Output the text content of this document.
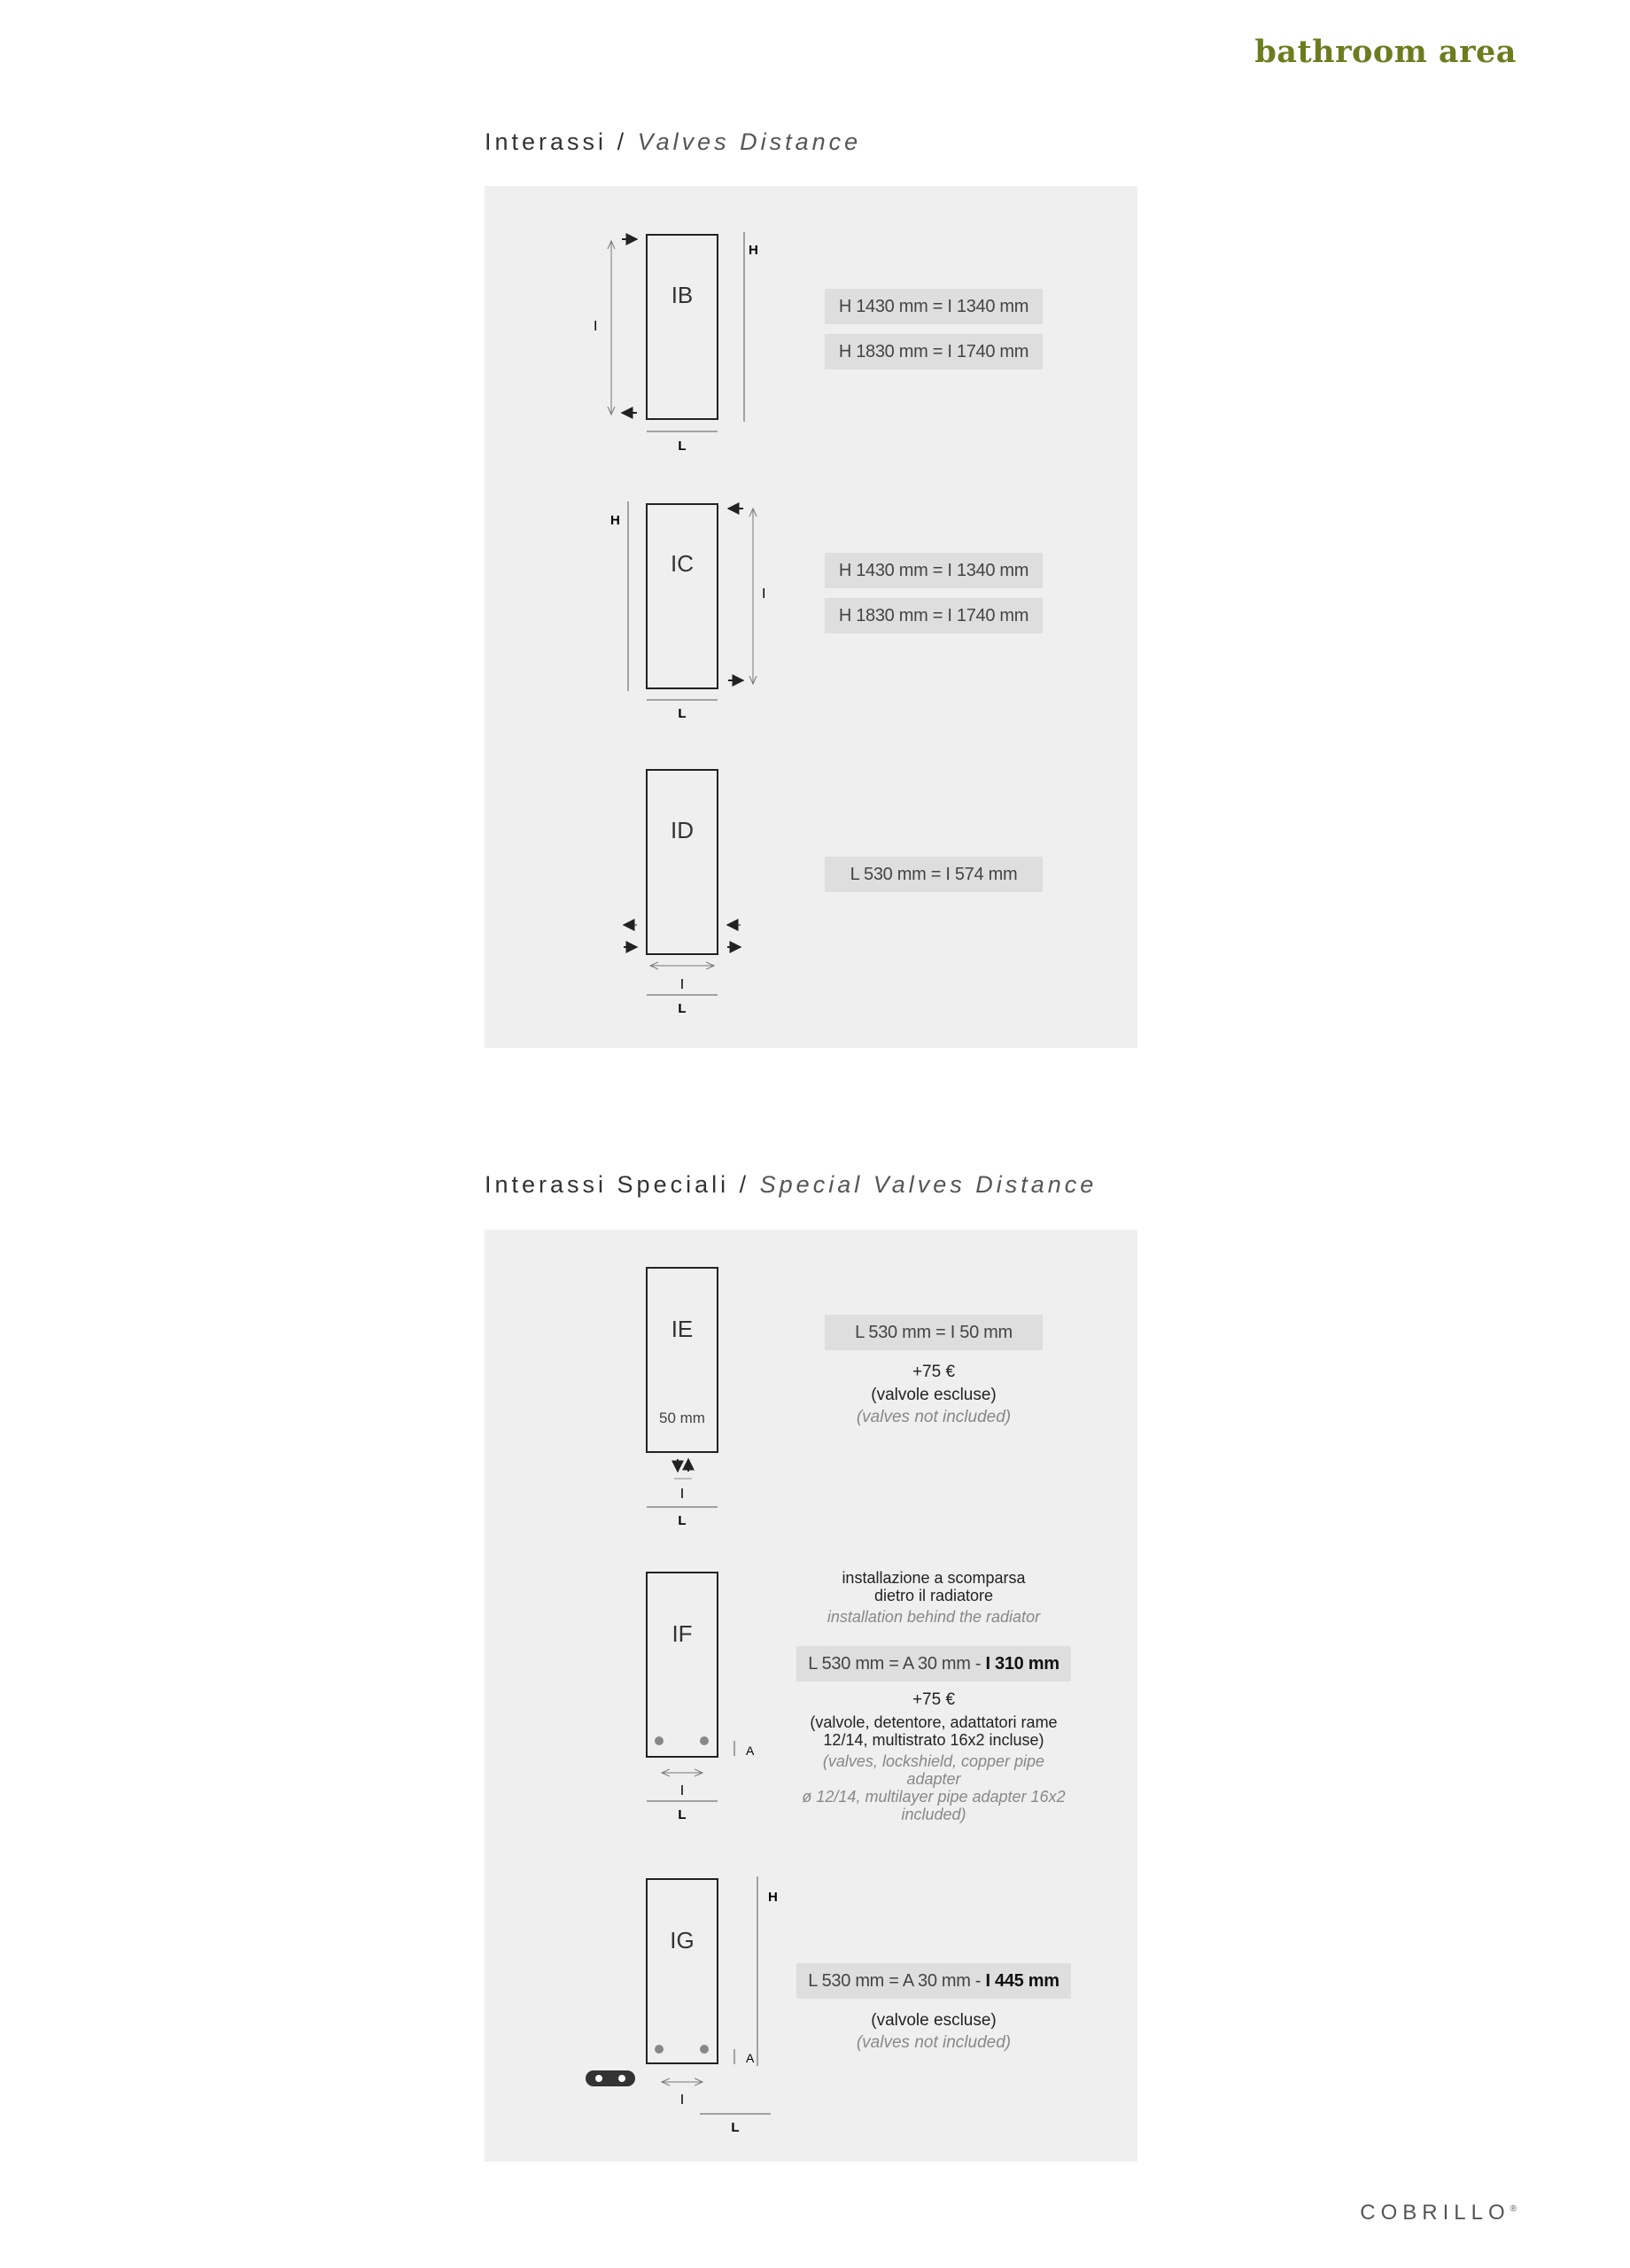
bathroom area
Interassi / Valves Distance
IB
H
I
L
IC
H
I
L
ID
I
L
H 1430 mm = I 1340 mm
H 1830 mm = I 1740 mm
H 1430 mm = I 1340 mm
H 1830 mm = I 1740 mm
L 530 mm = I 574 mm
Interassi Speciali / Special Valves Distance
IE
50 mm
I
L
IF
A
I
L
IG
H
A
I
L
L 530 mm = I 50 mm
+75 €
(valvole escluse)
(valves not included)
installazione a scomparsa
dietro il radiatore
installation behind the radiator
L 530 mm = A 30 mm - I 310 mm
+75 €
(valvole, detentore, adattatori rame
12/14, multistrato 16x2 incluse)
(valves, lockshield, copper pipe adapter
ø 12/14, multilayer pipe adapter 16x2
included)
L 530 mm = A 30 mm - I 445 mm
(valvole escluse)
(valves not included)
COBRILLO®
